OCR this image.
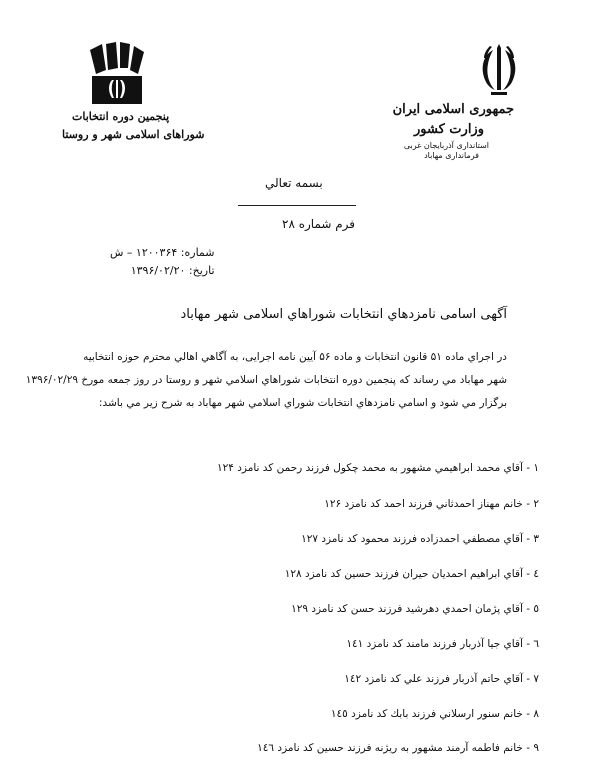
جمهوری اسلامی ایران
وزارت کشور
استانداری آذربایجان غربی
فرمانداری مهاباد
پنجمین دوره انتخابات
شوراهای اسلامی شهر و روستا
بسمه تعالي
فرم شماره ۲۸
شماره: ۱۲۰۰۳۶۴ – ش
تاريخ: ۱۳۹۶/۰۲/۲۰
آگهی اسامی نامزدهاي انتخابات شوراهاي اسلامی شهر مهاباد
در اجراي ماده ۵۱ قانون انتخابات و ماده ۵۶ آيين نامه اجرايی، به آگاهي اهالي محترم حوزه انتخابيه
شهر مهاباد مي رساند كه پنجمين دوره انتخابات شوراهاي اسلامي شهر و روستا در روز جمعه مورخ ۱۳۹۶/۰۲/۲۹
برگزار مي شود و اسامي نامزدهاي انتخابات شوراي اسلامي شهر مهاباد به شرح زير مي باشد:
۱ - آقاي محمد ابراهيمي مشهور به محمد چكول فرزند رحمن كد نامزد ۱۲۴
۲ - خانم مهناز احمدثاني فرزند احمد كد نامزد ۱۲۶
۳ - آقاي مصطفي احمدزاده فرزند محمود كد نامزد ۱۲۷
٤ - آقاي ابراهيم احمديان حيران فرزند حسين كد نامزد ۱۲۸
٥ - آقاي پژمان احمدي دهرشيد فرزند حسن كد نامزد ۱۲۹
٦ - آقاي جيا آذربار فرزند مامند كد نامزد ۱٤۱
۷ - آقاي حاتم آذربار فرزند علي كد نامزد ۱٤۲
۸ - خانم سنور ارسلاني فرزند بابك كد نامزد ۱٤٥
۹ - خانم فاطمه آرمند مشهور به ريژنه فرزند حسين كد نامزد ۱٤٦
